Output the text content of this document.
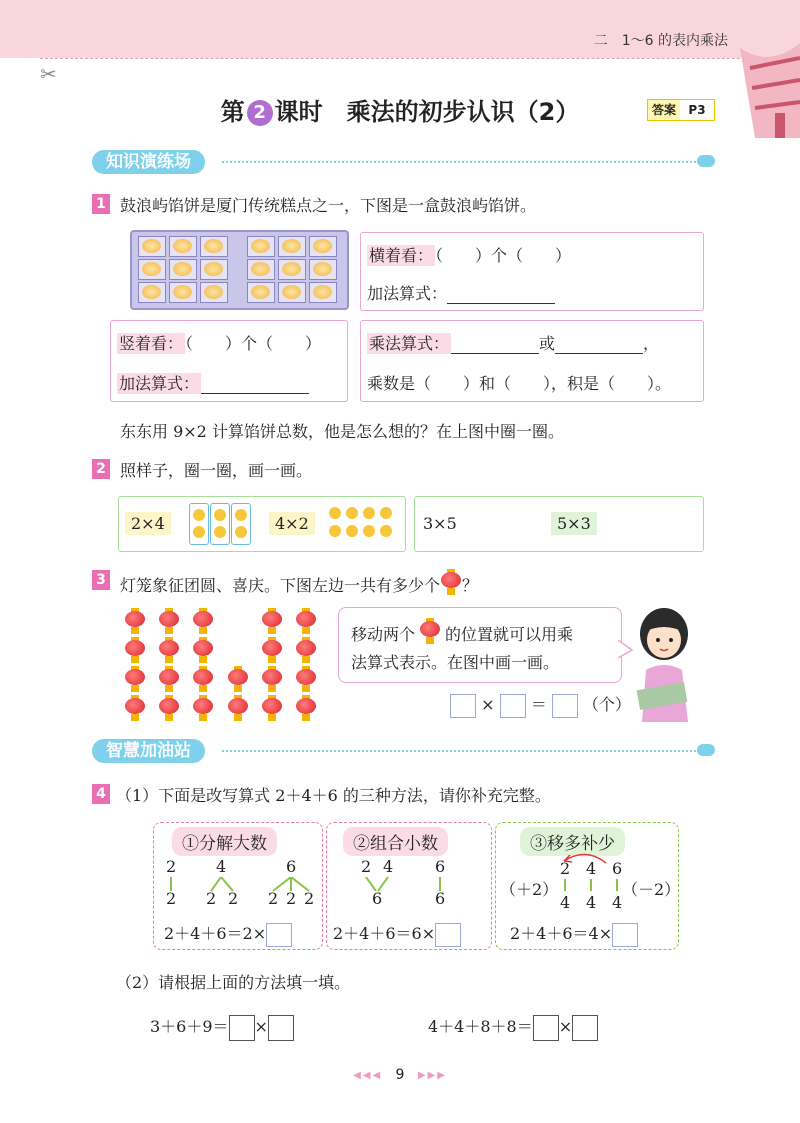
✂
二　1～6 的表内乘法
第 2 课时　乘法的初步认识（2）	答案	P3
知识演练场
1 鼓浪屿馅饼是厦门传统糕点之一，下图是一盒鼓浪屿馅饼。
横着看： （　　）个（　　）
加法算式：
竖着看： （　　）个（　　）
加法算式：
乘法算式：	或	，
乘数是（　　）和（　　），积是（　　）。
东东用 9×2 计算馅饼总数，他是怎么想的？在上图中圈一圈。
2 照样子，圈一圈，画一画。
2×4	4×2	3×5	5×3
3 灯笼象征团圆、喜庆。下图左边一共有多少个 ？
移动两个 的位置就可以用乘
法算式表示。在图中画一画。
× ＝ （个）
智慧加油站
4 （1）下面是改写算式 2＋4＋6 的三种方法，请你补充完整。
①分解大数
2 4	6
2 2 2 2 2 2
2＋4＋6＝2×
②组合小数
2 4	6
6	6
2＋4＋6＝6×
③移多补少
2 4 6
（＋2）	（－2）
4 4 4
2＋4＋6＝4×
（2）请根据上面的方法填一填。
3＋6＋9＝ ×	4＋4＋8＋8＝ ×
◀◀◀ 9 ▶▶▶
